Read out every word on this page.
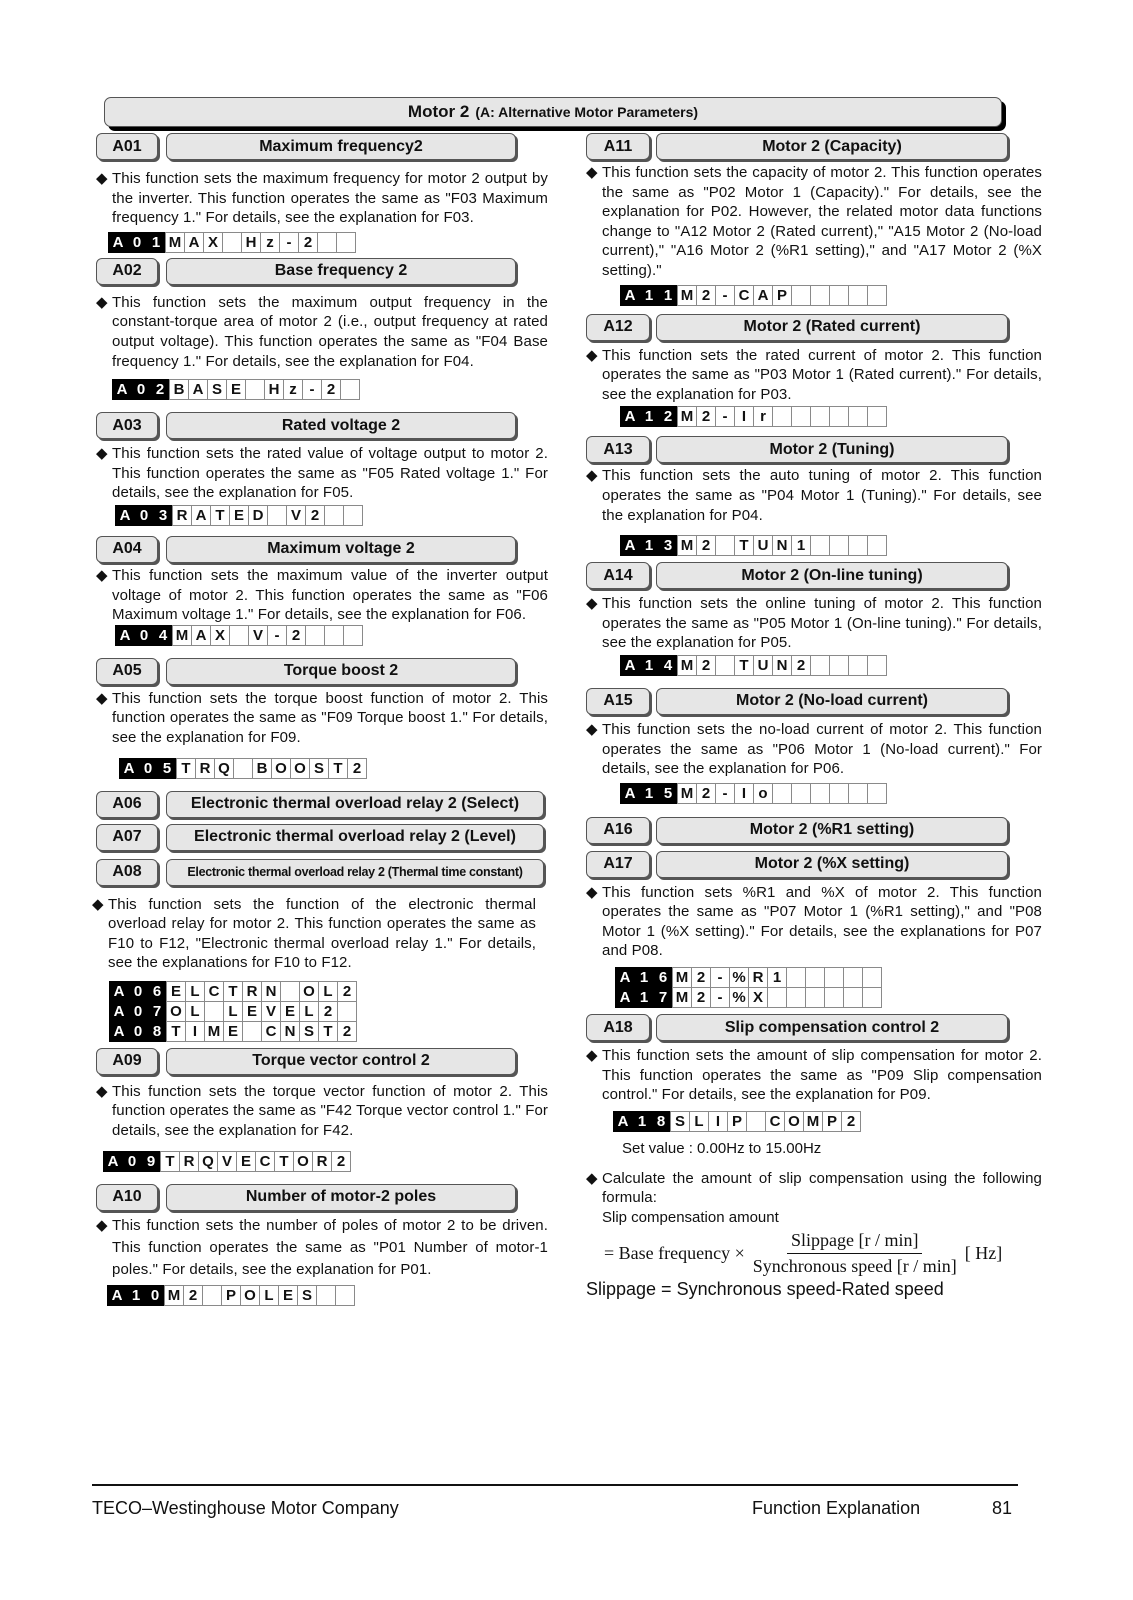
Motor 2 (A: Alternative Motor Parameters)
A01	Maximum frequency2
◆ This function sets the maximum frequency for motor 2 output by the inverter. This function operates the same as "F03 Maximum frequency 1." For details, see the explanation for F03.
A 0 1 M A X	H z - 2
A02	Base frequency 2
◆ This function sets the maximum output frequency in the constant-torque area of motor 2 (i.e., output frequency at rated output voltage). This function operates the same as "F04 Base frequency 1." For details, see the explanation for F04.
A 0 2 B A S E	H z - 2
A03	Rated voltage 2
◆ This function sets the rated value of voltage output to motor 2. This function operates the same as "F05 Rated voltage 1." For details, see the explanation for F05.
A 0 3 R A T E D	V 2
A04	Maximum voltage 2
◆ This function sets the maximum value of the inverter output voltage of motor 2. This function operates the same as "F06 Maximum voltage 1." For details, see the explanation for F06.
A 0 4 M A X	V - 2
A05	Torque boost 2
◆ This function sets the torque boost function of motor 2. This function operates the same as "F09 Torque boost 1." For details, see the explanation for F09.
A 0 5 T R Q	B O O S T 2
A06	Electronic thermal overload relay 2 (Select)
A07	Electronic thermal overload relay 2 (Level)
A08	Electronic thermal overload relay 2 (Thermal time constant)
◆ This function sets the function of the electronic thermal overload relay for motor 2. This function operates the same as F10 to F12, "Electronic thermal overload relay 1." For details, see the explanations for F10 to F12.
A 0 6 E L C T R N	O L 2
A 0 7 O L	L E V E L 2
A 0 8 T I M E	C N S T 2
A09	Torque vector control 2
◆ This function sets the torque vector function of motor 2. This function operates the same as "F42 Torque vector control 1." For details, see the explanation for F42.
A 0 9 T R Q V E C T O R 2
A10	Number of motor-2 poles
◆ This function sets the number of poles of motor 2 to be driven. This function operates the same as "P01 Number of motor-1 poles." For details, see the explanation for P01.
A 1 0 M 2	P O L E S
A11	Motor 2 (Capacity)
◆ This function sets the capacity of motor 2. This function operates the same as "P02 Motor 1 (Capacity)." For details, see the explanation for P02. However, the related motor data functions change to "A12 Motor 2 (Rated current)," "A15 Motor 2 (No-load current)," "A16 Motor 2 (%R1 setting)," and "A17 Motor 2 (%X setting)."
A 1 1 M 2 - C A P
A12	Motor 2 (Rated current)
◆ This function sets the rated current of motor 2. This function operates the same as "P03 Motor 1 (Rated current)." For details, see the explanation for P03.
A 1 2 M 2 - I r
A13	Motor 2 (Tuning)
◆ This function sets the auto tuning of motor 2. This function operates the same as "P04 Motor 1 (Tuning)." For details, see the explanation for P04.
A 1 3 M 2	T U N 1
A14	Motor 2 (On-line tuning)
◆ This function sets the online tuning of motor 2. This function operates the same as "P05 Motor 1 (On-line tuning)." For details, see the explanation for P05.
A 1 4 M 2	T U N 2
A15	Motor 2 (No-load current)
◆ This function sets the no-load current of motor 2. This function operates the same as "P06 Motor 1 (No-load current)." For details, see the explanation for P06.
A 1 5 M 2 - I o
A16	Motor 2 (%R1 setting)
A17	Motor 2 (%X setting)
◆ This function sets %R1 and %X of motor 2. This function operates the same as "P07 Motor 1 (%R1 setting)," and "P08 Motor 1 (%X setting)." For details, see the explanations for P07 and P08.
A 1 6 M 2 - % R 1
A 1 7 M 2 - % X
A18	Slip compensation control 2
◆ This function sets the amount of slip compensation for motor 2. This function operates the same as "P09 Slip compensation control." For details, see the explanation for P09.
A 1 8 S L I P	C O M P 2
Set value : 0.00Hz to 15.00Hz
◆ Calculate the amount of slip compensation using the following formula:
Slip compensation amount
= Base frequency × $\frac{\text{Slippage [r / min]}}{\text{Synchronous speed [r / min]}}$ [ Hz]
Slippage = Synchronous speed-Rated speed
TECO–Westinghouse Motor Company	Function Explanation	81
